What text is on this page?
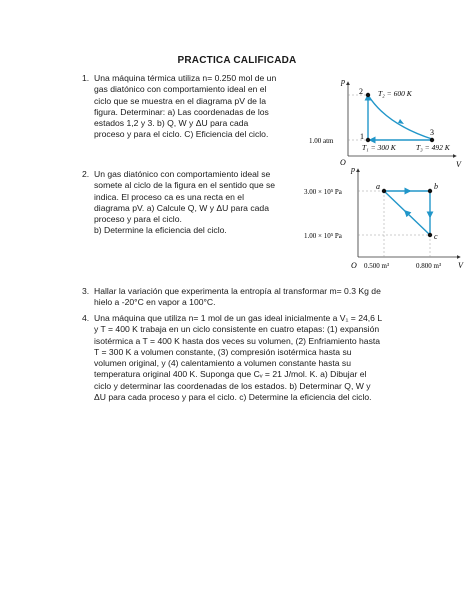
PRACTICA CALIFICADA
1. Una máquina térmica utiliza n= 0.250 mol de un
gas diatónico con comportamiento ideal en el
ciclo que se muestra en el diagrama pV de la
figura. Determinar: a) Las coordenadas de los
estados 1,2 y 3. b) Q, W y ΔU para cada
proceso y para el ciclo. C) Eficiencia del ciclo.
p
V
O
1.00 atm
T₂ = 600 K
T₁ = 300 K	T₃ = 492 K
2
1	3
2. Un gas diatónico con comportamiento ideal se
somete al ciclo de la figura en el sentido que se
indica. El proceso ca es una recta en el
diagrama pV. a) Calcule Q, W y ΔU para cada
proceso y para el ciclo.
b) Determine la eficiencia del ciclo.
p
V
O
3.00 × 10⁵ Pa
1.00 × 10⁵ Pa
0.500 m³	0.800 m³
a	b
c
3. Hallar la variación que experimenta la entropía al transformar m= 0.3 Kg de
hielo a -20°C en vapor a 100°C.
4. Una máquina que utiliza n= 1 mol de un gas ideal inicialmente a V₁ = 24,6 L
y T = 400 K trabaja en un ciclo consistente en cuatro etapas: (1) expansión
isotérmica a T = 400 K hasta dos veces su volumen, (2) Enfriamiento hasta
T = 300 K a volumen constante, (3) compresión isotérmica hasta su
volumen original, y (4) calentamiento a volumen constante hasta su
temperatura original 400 K. Suponga que Cᵥ = 21 J/mol. K. a) Dibujar el
ciclo y determinar las coordenadas de los estados. b) Determinar Q, W y
ΔU para cada proceso y para el ciclo. c) Determine la eficiencia del ciclo.
